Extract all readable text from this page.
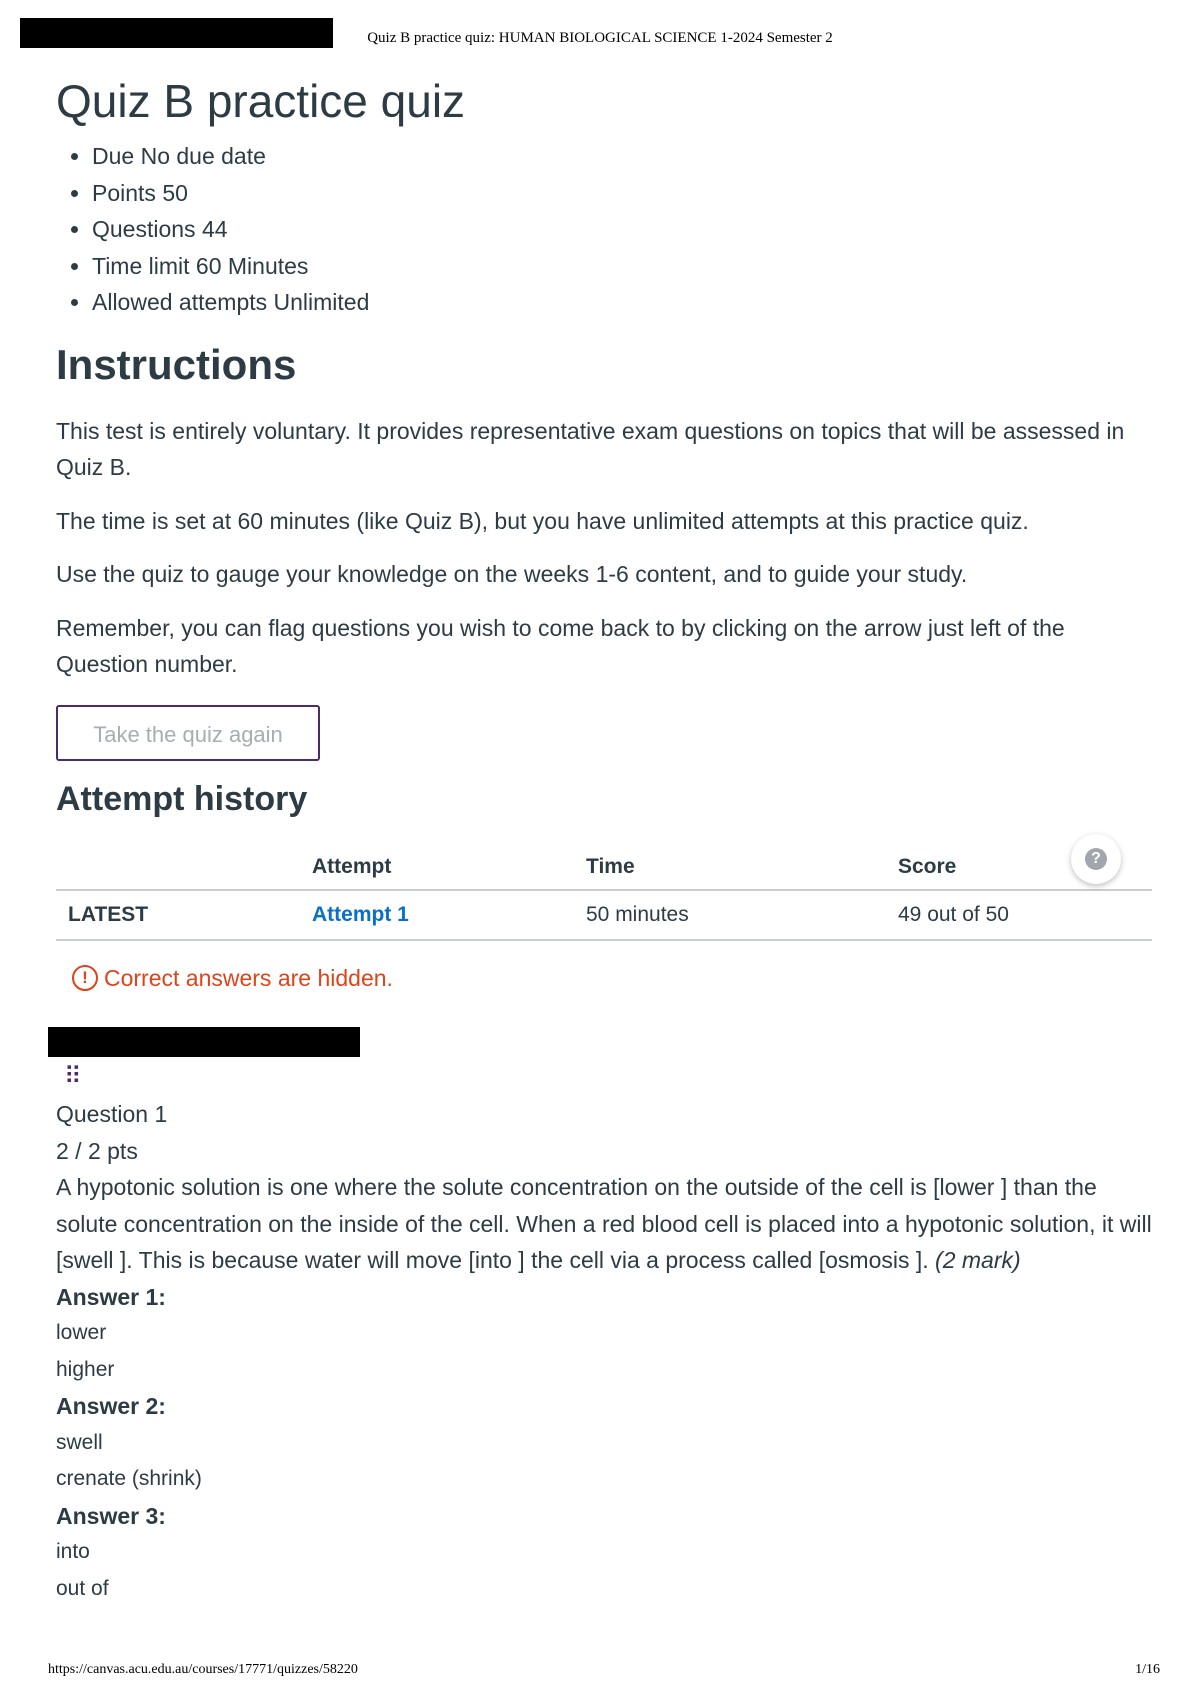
Quiz B practice quiz: HUMAN BIOLOGICAL SCIENCE 1-2024 Semester 2
Quiz B practice quiz
• Due No due date
• Points 50
• Questions 44
• Time limit 60 Minutes
• Allowed attempts Unlimited
Instructions

This test is entirely voluntary. It provides representative exam questions on topics that will be assessed in Quiz B.

The time is set at 60 minutes (like Quiz B), but you have unlimited attempts at this practice quiz.

Use the quiz to gauge your knowledge on the weeks 1-6 content, and to guide your study.

Remember, you can flag questions you wish to come back to by clicking on the arrow just left of the Question number.

Take the quiz again
Attempt history
	Attempt	Time	Score
LATEST	Attempt 1	50 minutes	49 out of 50
! Correct answers are hidden.
?
⠿

Question 1

2 / 2 pts

A hypotonic solution is one where the solute concentration on the outside of the cell is [lower ] than the solute concentration on the inside of the cell. When a red blood cell is placed into a hypotonic solution, it will [swell ]. This is because water will move [into ] the cell via a process called [osmosis ]. (2 mark)

Answer 1:
lower
higher
Answer 2:
swell
crenate (shrink)
Answer 3:
into
out of
https://canvas.acu.edu.au/courses/17771/quizzes/58220	1/16
